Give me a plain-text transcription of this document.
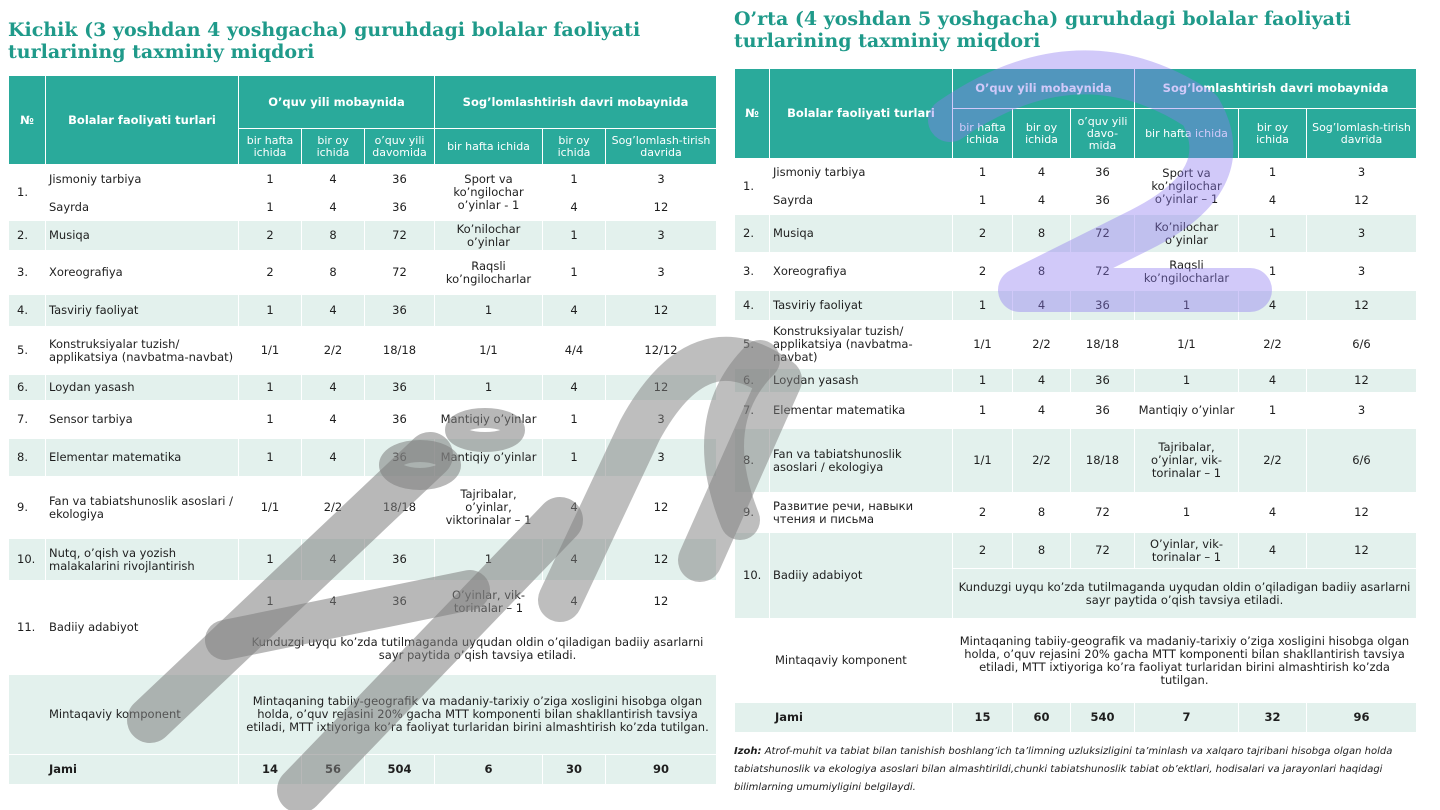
Kichik (3 yoshdan 4 yoshgacha) guruhdagi bolalar faoliyati turlarining taxminiy miqdori
№	Bolalar faoliyati turlari	O’quv yili mobaynida			Sog’lomlashtirish davri mobaynida		
		bir hafta ichida	bir oy ichida	o’quv yili davomida	bir hafta ichida	bir oy ichida	Sog’lomlash-tirish davrida
1.	Jismoniy tarbiya	1	4	36	Sport va ko’ngilochar o’yinlar - 1	1	3
	Sayrda	1	4	36		4	12
2.	Musiqa	2	8	72	Ko’nilochar o’yinlar	1	3
3.	Xoreografiya	2	8	72	Raqsli ko’ngilocharlar	1	3
4.	Tasviriy faoliyat	1	4	36	1	4	12
5.	Konstruksiyalar tuzish/ applikatsiya (navbatma-navbat)	1/1	2/2	18/18	1/1	4/4	12/12
6.	Loydan yasash	1	4	36	1	4	12
7.	Sensor tarbiya	1	4	36	Mantiqiy o’yinlar	1	3
8.	Elementar matematika	1	4	36	Mantiqiy o’yinlar	1	3
9.	Fan va tabiatshunoslik asoslari / ekologiya	1/1	2/2	18/18	Tajribalar, o’yinlar, viktorinalar – 1	4	12
10.	Nutq, o’qish va yozish malakalarini rivojlantirish	1	4	36	1	4	12
11.	Badiiy adabiyot	1	4	36	O’yinlar, vik-torinalar – 1	4	12
		Kunduzgi uyqu ko’zda tutilmaganda uyqudan oldin o’qiladigan badiiy asarlarni sayr paytida o’qish tavsiya etiladi.					
Mintaqaviy komponent		Mintaqaning tabiiy-geografik va madaniy-tarixiy o’ziga xosligini hisobga olgan holda, o’quv rejasini 20% gacha MTT komponenti bilan shakllantirish tavsiya etiladi, MTT ixtiyoriga ko’ra faoliyat turlaridan birini almashtirish ko’zda tutilgan.					
Jami		14	56	504	6	30	90
O’rta (4 yoshdan 5 yoshgacha) guruhdagi bolalar faoliyati turlarining taxminiy miqdori
№	Bolalar faoliyati turlari	O’quv yili mobaynida			Sog’lomlashtirish davri mobaynida		
		bir hafta ichida	bir oy ichida	o’quv yili davo-mida	bir hafta ichida	bir oy ichida	Sog’lomlash-tirish davrida
1.	Jismoniy tarbiya	1	4	36	Sport va ko’ngilochar o’yinlar – 1	1	3
	Sayrda	1	4	36		4	12
2.	Musiqa	2	8	72	Ko’nilochar o’yinlar	1	3
3.	Xoreografiya	2	8	72	Raqsli ko’ngilocharlar	1	3
4.	Tasviriy faoliyat	1	4	36	1	4	12
5.	Konstruksiyalar tuzish/ applikatsiya (navbatma-navbat)	1/1	2/2	18/18	1/1	2/2	6/6
6.	Loydan yasash	1	4	36	1	4	12
7.	Elementar matematika	1	4	36	Mantiqiy o’yinlar	1	3
8.	Fan va tabiatshunoslik asoslari / ekologiya	1/1	2/2	18/18	Tajribalar, o’yinlar, vik-torinalar – 1	2/2	6/6
9.	Развитие речи, навыки чтения и письма	2	8	72	1	4	12
10.	Badiiy adabiyot	2	8	72	O’yinlar, vik-torinalar – 1	4	12
		Kunduzgi uyqu ko’zda tutilmaganda uyqudan oldin o’qiladigan badiiy asarlarni sayr paytida o’qish tavsiya etiladi.					
Mintaqaviy komponent		Mintaqaning tabiiy-geografik va madaniy-tarixiy o’ziga xosligini hisobga olgan holda, o’quv rejasini 20% gacha MTT komponenti bilan shakllantirish tavsiya etiladi, MTT ixtiyoriga ko’ra faoliyat turlaridan birini almashtirish ko’zda tutilgan.					
Jami		15	60	540	7	32	96
Izoh: Atrof-muhit va tabiat bilan tanishish boshlang’ich ta’limning uzluksizligini ta’minlash va xalqaro tajribani hisobga olgan holda tabiatshunoslik va ekologiya asoslari bilan almashtirildi,chunki tabiatshunoslik tabiat ob’ektlari, hodisalari va jarayonlari haqidagi bilimlarning umumiyligini belgilaydi.
